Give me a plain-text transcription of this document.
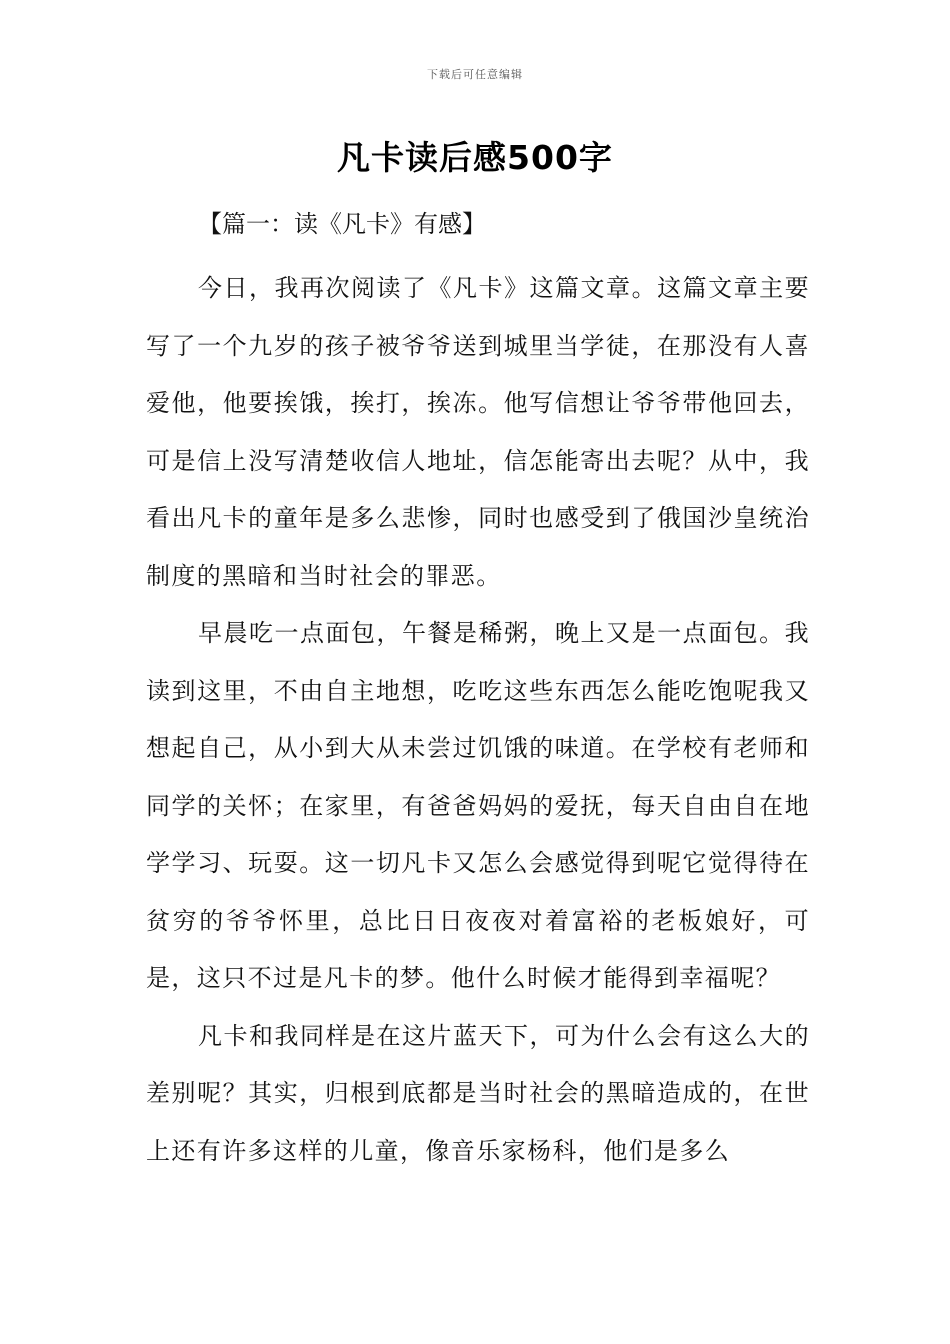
下载后可任意编辑
凡卡读后感500字
【篇一：读《凡卡》有感】

今日，我再次阅读了《凡卡》这篇文章。这篇文章主要写了一个九岁的孩子被爷爷送到城里当学徒，在那没有人喜爱他，他要挨饿，挨打，挨冻。他写信想让爷爷带他回去，可是信上没写清楚收信人地址，信怎能寄出去呢？从中，我看出凡卡的童年是多么悲惨，同时也感受到了俄国沙皇统治制度的黑暗和当时社会的罪恶。

早晨吃一点面包，午餐是稀粥，晚上又是一点面包。我读到这里，不由自主地想，吃吃这些东西怎么能吃饱呢我又想起自己，从小到大从未尝过饥饿的味道。在学校有老师和同学的关怀；在家里，有爸爸妈妈的爱抚，每天自由自在地学学习、玩耍。这一切凡卡又怎么会感觉得到呢它觉得待在贫穷的爷爷怀里，总比日日夜夜对着富裕的老板娘好，可是，这只不过是凡卡的梦。他什么时候才能得到幸福呢？

凡卡和我同样是在这片蓝天下，可为什么会有这么大的差别呢？其实，归根到底都是当时社会的黑暗造成的，在世上还有许多这样的儿童，像音乐家杨科，他们是多么
